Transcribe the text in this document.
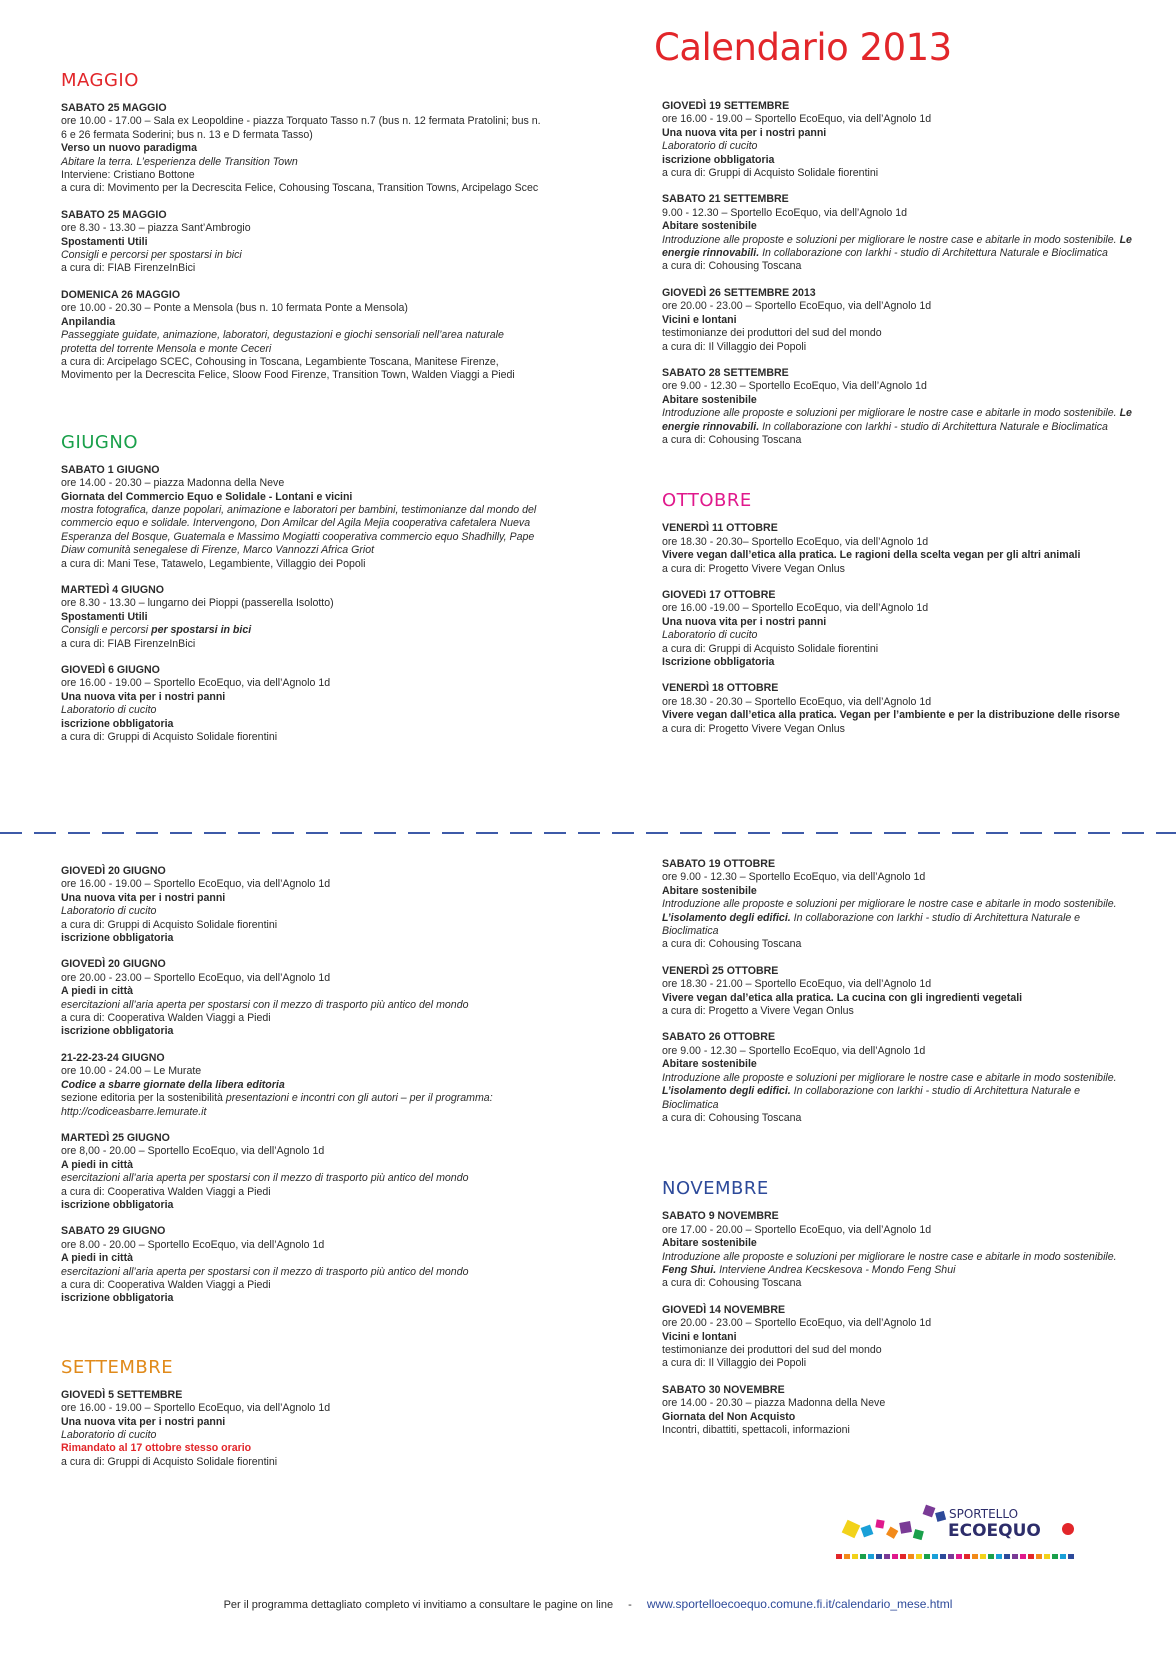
Calendario 2013
MAGGIO
SABATO 25 MAGGIO
ore 10.00 - 17.00 – Sala ex Leopoldine - piazza Torquato Tasso n.7 (bus n. 12 fermata Pratolini; bus n. 6 e 26 fermata Soderini; bus n. 13 e D fermata Tasso)
Verso un nuovo paradigma
Abitare la terra. L’esperienza delle Transition Town
Interviene: Cristiano Bottone
a cura di: Movimento per la Decrescita Felice, Cohousing Toscana, Transition Towns, Arcipelago Scec
SABATO 25 MAGGIO
ore 8.30 - 13.30 – piazza Sant’Ambrogio
Spostamenti Utili
Consigli e percorsi per spostarsi in bici
a cura di: FIAB FirenzeInBici
DOMENICA 26 MAGGIO
ore 10.00 - 20.30 – Ponte a Mensola (bus n. 10 fermata Ponte a Mensola)
Anpilandia
Passeggiate guidate, animazione, laboratori, degustazioni e giochi sensoriali nell’area naturale protetta del torrente Mensola e monte Ceceri
a cura di: Arcipelago SCEC, Cohousing in Toscana, Legambiente Toscana, Manitese Firenze, Movimento per la Decrescita Felice, Sloow Food Firenze, Transition Town, Walden Viaggi a Piedi
GIUGNO
SABATO 1 GIUGNO
ore 14.00 - 20.30 – piazza Madonna della Neve
Giornata del Commercio Equo e Solidale - Lontani e vicini
mostra fotografica, danze popolari, animazione e laboratori per bambini, testimonianze dal mondo del commercio equo e solidale. Intervengono, Don Amilcar del Agila Mejia cooperativa cafetalera Nueva Esperanza del Bosque, Guatemala e Massimo Mogiatti cooperativa commercio equo Shadhilly, Pape Diaw comunità senegalese di Firenze, Marco Vannozzi Africa Griot
a cura di: Mani Tese, Tatawelo, Legambiente, Villaggio dei Popoli
MARTEDÌ 4 GIUGNO
ore 8.30 - 13.30 – lungarno dei Pioppi (passerella Isolotto)
Spostamenti Utili
Consigli e percorsi per spostarsi in bici
a cura di: FIAB FirenzeInBici
GIOVEDÌ 6 GIUGNO
ore 16.00 - 19.00 – Sportello EcoEquo, via dell’Agnolo 1d
Una nuova vita per i nostri panni
Laboratorio di cucito
iscrizione obbligatoria
a cura di: Gruppi di Acquisto Solidale fiorentini
GIOVEDÌ 19 SETTEMBRE
ore 16.00 - 19.00 – Sportello EcoEquo, via dell’Agnolo 1d
Una nuova vita per i nostri panni
Laboratorio di cucito
iscrizione obbligatoria
a cura di: Gruppi di Acquisto Solidale fiorentini
SABATO 21 SETTEMBRE
9.00 - 12.30 – Sportello EcoEquo, via dell’Agnolo 1d
Abitare sostenibile
Introduzione alle proposte e soluzioni per migliorare le nostre case e abitarle in modo sostenibile. Le energie rinnovabili. In collaborazione con Iarkhi - studio di Architettura Naturale e Bioclimatica
a cura di: Cohousing Toscana
GIOVEDÌ 26 SETTEMBRE 2013
ore 20.00 - 23.00 – Sportello EcoEquo, via dell’Agnolo 1d
Vicini e lontani
testimonianze dei produttori del sud del mondo
a cura di: Il Villaggio dei Popoli
SABATO 28 SETTEMBRE
ore 9.00 - 12.30 – Sportello EcoEquo, Via dell’Agnolo 1d
Abitare sostenibile
Introduzione alle proposte e soluzioni per migliorare le nostre case e abitarle in modo sostenibile. Le energie rinnovabili. In collaborazione con Iarkhi - studio di Architettura Naturale e Bioclimatica
a cura di: Cohousing Toscana
OTTOBRE
VENERDÌ 11 OTTOBRE
ore 18.30 - 20.30– Sportello EcoEquo, via dell’Agnolo 1d
Vivere vegan dall’etica alla pratica. Le ragioni della scelta vegan per gli altri animali
a cura di: Progetto Vivere Vegan Onlus
GIOVEDì 17 OTTOBRE
ore 16.00 -19.00 – Sportello EcoEquo, via dell’Agnolo 1d
Una nuova vita per i nostri panni
Laboratorio di cucito
a cura di: Gruppi di Acquisto Solidale fiorentini
Iscrizione obbligatoria
VENERDÌ 18 OTTOBRE
ore 18.30 - 20.30 – Sportello EcoEquo, via dell’Agnolo 1d
Vivere vegan dall’etica alla pratica. Vegan per l’ambiente e per la distribuzione delle risorse
a cura di: Progetto Vivere Vegan Onlus
GIOVEDÌ 20 GIUGNO
ore 16.00 - 19.00 – Sportello EcoEquo, via dell’Agnolo 1d
Una nuova vita per i nostri panni
Laboratorio di cucito
a cura di: Gruppi di Acquisto Solidale fiorentini
iscrizione obbligatoria
GIOVEDÌ 20 GIUGNO
ore 20.00 - 23.00 – Sportello EcoEquo, via dell’Agnolo 1d
A piedi in città
esercitazioni all’aria aperta per spostarsi con il mezzo di trasporto più antico del mondo
a cura di: Cooperativa Walden Viaggi a Piedi
iscrizione obbligatoria
21-22-23-24 GIUGNO
ore 10.00 - 24.00 – Le Murate
Codice a sbarre giornate della libera editoria
sezione editoria per la sostenibilità presentazioni e incontri con gli autori – per il programma: http://codiceasbarre.lemurate.it
MARTEDÌ 25 GIUGNO
ore 8,00 - 20.00 – Sportello EcoEquo, via dell’Agnolo 1d
A piedi in città
esercitazioni all’aria aperta per spostarsi con il mezzo di trasporto più antico del mondo
a cura di: Cooperativa Walden Viaggi a Piedi
iscrizione obbligatoria
SABATO 29 GIUGNO
ore 8.00 - 20.00 – Sportello EcoEquo, via dell’Agnolo 1d
A piedi in città
esercitazioni all’aria aperta per spostarsi con il mezzo di trasporto più antico del mondo
a cura di: Cooperativa Walden Viaggi a Piedi
iscrizione obbligatoria
SETTEMBRE
GIOVEDÌ 5 SETTEMBRE
ore 16.00 - 19.00 – Sportello EcoEquo, via dell’Agnolo 1d
Una nuova vita per i nostri panni
Laboratorio di cucito
Rimandato al 17 ottobre stesso orario
a cura di: Gruppi di Acquisto Solidale fiorentini
SABATO 19 OTTOBRE
ore 9.00 - 12.30 – Sportello EcoEquo, via dell’Agnolo 1d
Abitare sostenibile
Introduzione alle proposte e soluzioni per migliorare le nostre case e abitarle in modo sostenibile. L’isolamento degli edifici. In collaborazione con Iarkhi - studio di Architettura Naturale e Bioclimatica
a cura di: Cohousing Toscana
VENERDÌ 25 OTTOBRE
ore 18.30 - 21.00 – Sportello EcoEquo, via dell’Agnolo 1d
Vivere vegan dal’etica alla pratica. La cucina con gli ingredienti vegetali
a cura di: Progetto a Vivere Vegan Onlus
SABATO 26 OTTOBRE
ore 9.00 - 12.30 – Sportello EcoEquo, via dell’Agnolo 1d
Abitare sostenibile
Introduzione alle proposte e soluzioni per migliorare le nostre case e abitarle in modo sostenibile. L’isolamento degli edifici. In collaborazione con Iarkhi - studio di Architettura Naturale e Bioclimatica
a cura di: Cohousing Toscana
NOVEMBRE
SABATO 9 NOVEMBRE
ore 17.00 - 20.00 – Sportello EcoEquo, via dell’Agnolo 1d
Abitare sostenibile
Introduzione alle proposte e soluzioni per migliorare le nostre case e abitarle in modo sostenibile. Feng Shui. Interviene Andrea Kecskesova - Mondo Feng Shui
a cura di: Cohousing Toscana
GIOVEDÌ 14 NOVEMBRE
ore 20.00 - 23.00 – Sportello EcoEquo, via dell’Agnolo 1d
Vicini e lontani
testimonianze dei produttori del sud del mondo
a cura di: Il Villaggio dei Popoli
SABATO 30 NOVEMBRE
ore 14.00 - 20.30 – piazza Madonna della Neve
Giornata del Non Acquisto
Incontri, dibattiti, spettacoli, informazioni
SPORTELLO
ECOEQUO
Per il programma dettagliato completo vi invitiamo a consultare le pagine on line - www.sportelloecoequo.comune.fi.it/calendario_mese.html
